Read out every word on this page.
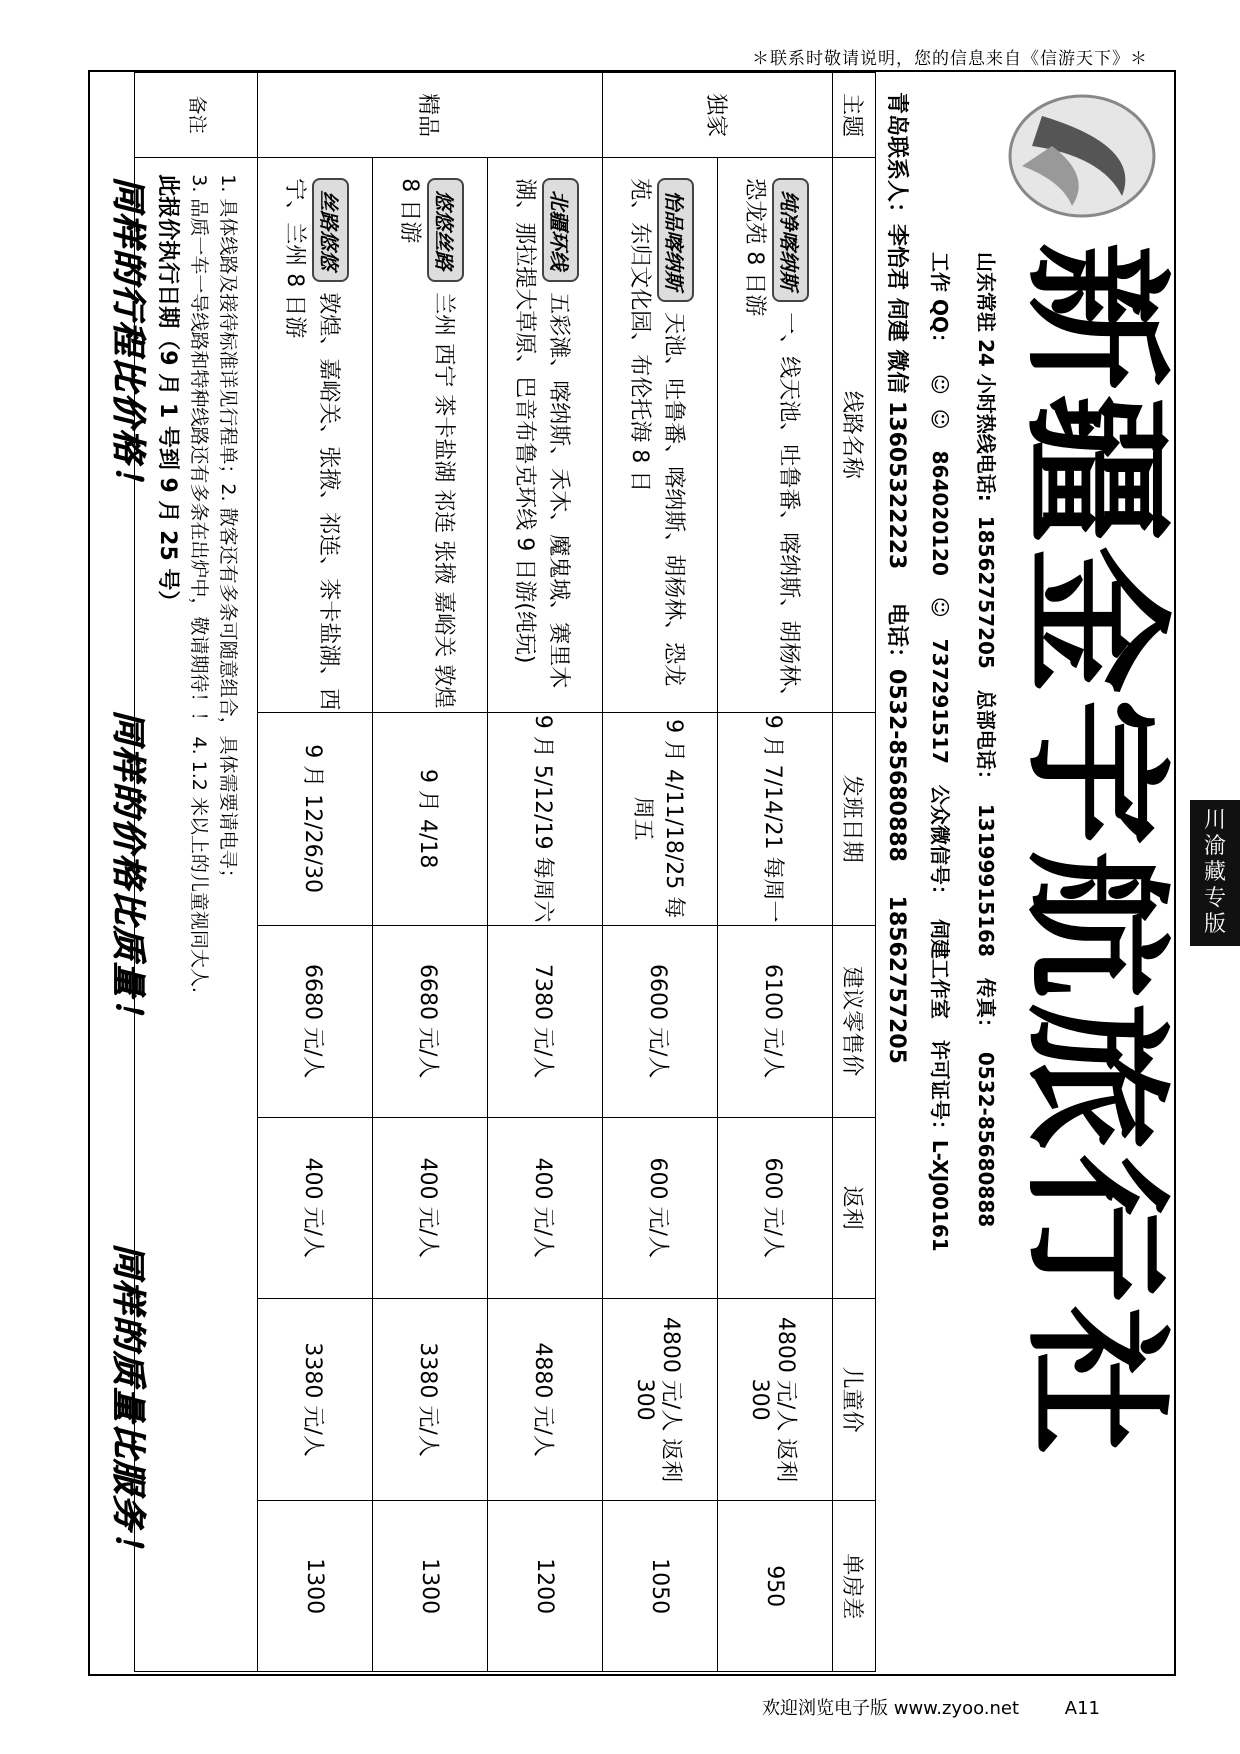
＊联系时敬请说明，您的信息来自《信游天下》＊
川
渝
藏
专
版
新疆金宇航旅行社
山东常驻 24 小时热线电话:18562757205 总部电话：13199915168 传真：0532-85680888
工作 QQ： ☺☺ 864020120 ☺ 737291517 公众微信号：伺建工作室 许可证号：L-XJ00161
青岛联系人：李怡君 伺建 微信 13605322223 电话：0532-85680888 18562757205
主题	线路名称	发班日期	建议零售价	返利	儿童价	单房差
独家	纯净喀纳斯一、线天池、吐鲁番、喀纳斯、胡杨林、恐龙苑 8 日游	9 月 7/14/21 每周一	6100 元/人	600 元/人	4800 元/人 返利 300	950
	怡品喀纳斯天池、吐鲁番、喀纳斯、胡杨林、恐龙苑、东归文化园、布伦托海 8 日	9 月 4/11/18/25 每周五	6600 元/人	600 元/人	4800 元/人 返利 300	1050
精品	北疆环线五彩滩、喀纳斯、禾木、魔鬼城、赛里木湖、那拉提大草原、巴音布鲁克环线 9 日游(纯玩)	9 月 5/12/19 每周六	7380 元/人	400 元/人	4880 元/人	1200
	悠悠丝路兰州 西宁 茶卡盐湖 祁连 张掖 嘉峪关 敦煌 8 日游	9 月 4/18	6680 元/人	400 元/人	3380 元/人	1300
	丝路悠悠敦煌、嘉峪关、张掖、祁连、茶卡盐湖、西宁、兰州 8 日游	9 月 12/26/30	6680 元/人	400 元/人	3380 元/人	1300
备注	1. 具体线路及接待标准详见行程单；2. 散客还有多条可随意组合，具体需要请电寻；
3. 品质一车一导线路和特种线路还有多条在出炉中，敬请期待！！ 4. 1.2 米以上的儿童视同大人.
此报价执行日期（9 月 1 号到 9 月 25 号）					
同样的行程比价格！
同样的价格比质量！
同样的质量比服务！
欢迎浏览电子版 www.zyoo.net	A11
